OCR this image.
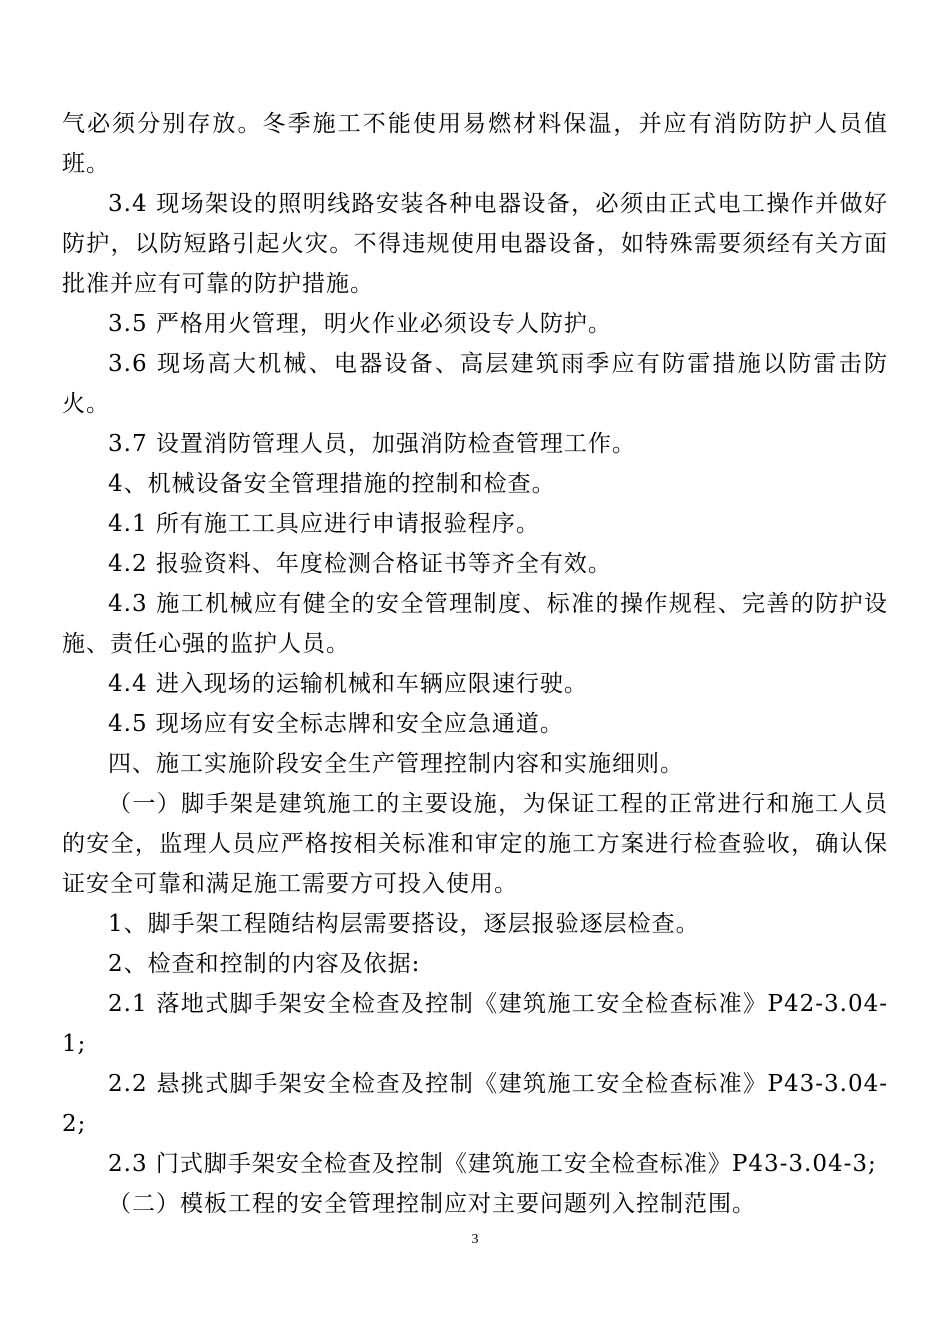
气必须分别存放。冬季施工不能使用易燃材料保温，并应有消防防护人员值班。

3.4 现场架设的照明线路安装各种电器设备，必须由正式电工操作并做好防护，以防短路引起火灾。不得违规使用电器设备，如特殊需要须经有关方面批准并应有可靠的防护措施。

3.5 严格用火管理，明火作业必须设专人防护。

3.6 现场高大机械、电器设备、高层建筑雨季应有防雷措施以防雷击防火。

3.7 设置消防管理人员，加强消防检查管理工作。

4、机械设备安全管理措施的控制和检查。

4.1 所有施工工具应进行申请报验程序。

4.2 报验资料、年度检测合格证书等齐全有效。

4.3 施工机械应有健全的安全管理制度、标准的操作规程、完善的防护设施、责任心强的监护人员。

4.4 进入现场的运输机械和车辆应限速行驶。

4.5 现场应有安全标志牌和安全应急通道。

四、施工实施阶段安全生产管理控制内容和实施细则。

（一）脚手架是建筑施工的主要设施，为保证工程的正常进行和施工人员的安全，监理人员应严格按相关标准和审定的施工方案进行检查验收，确认保证安全可靠和满足施工需要方可投入使用。

1、脚手架工程随结构层需要搭设，逐层报验逐层检查。

2、检查和控制的内容及依据:

2.1 落地式脚手架安全检查及控制《建筑施工安全检查标准》P42-3.04-1;

2.2 悬挑式脚手架安全检查及控制《建筑施工安全检查标准》P43-3.04-2;

2.3 门式脚手架安全检查及控制《建筑施工安全检查标准》P43-3.04-3;

（二）模板工程的安全管理控制应对主要问题列入控制范围。

3
